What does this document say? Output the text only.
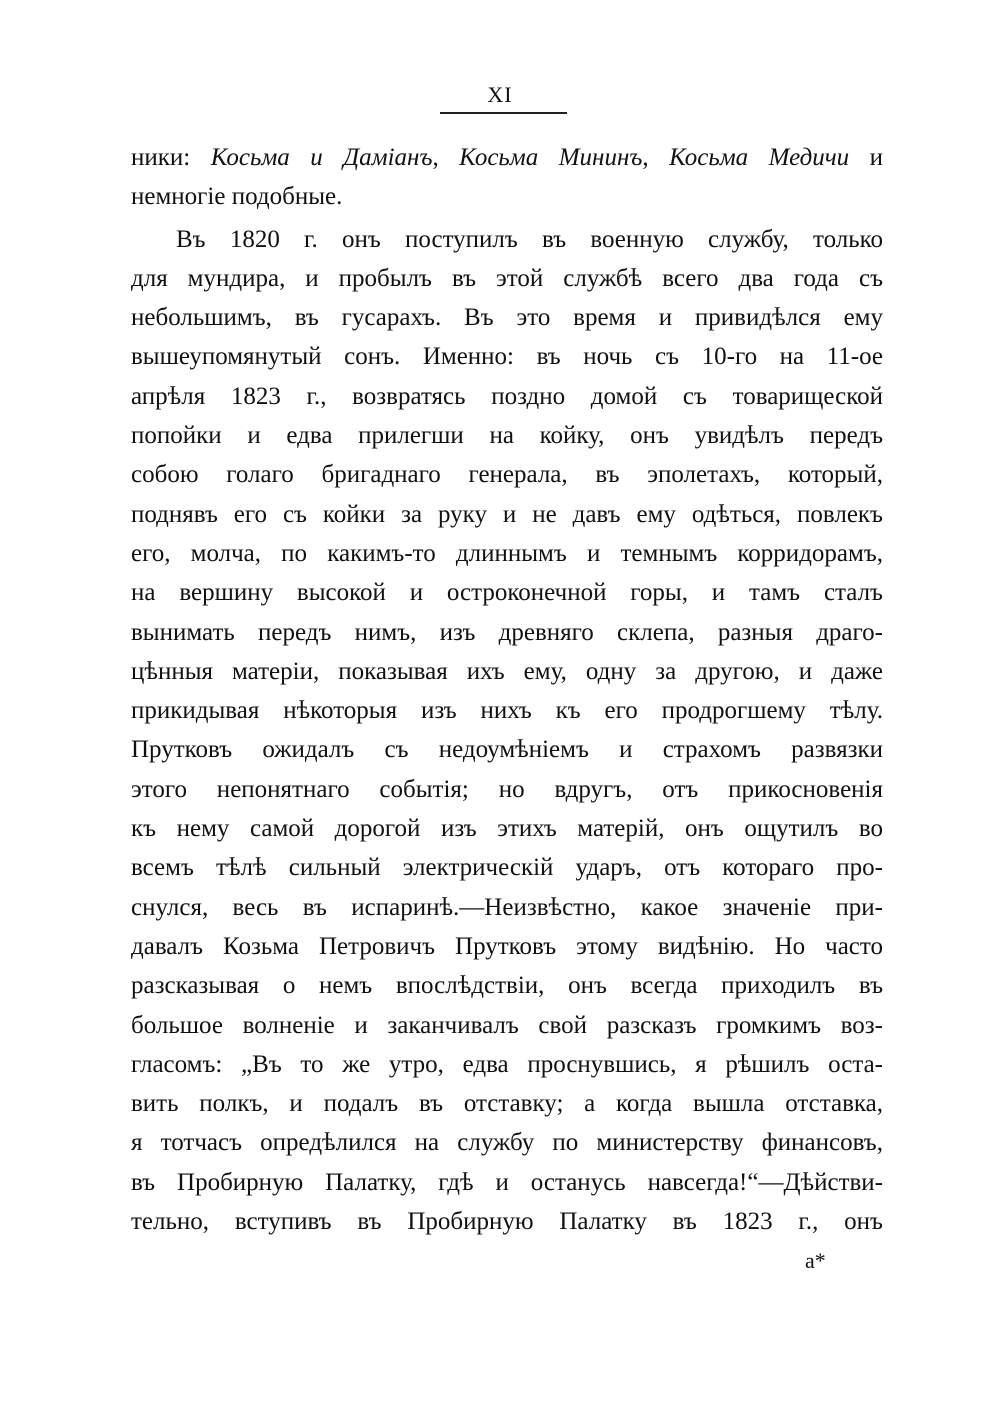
XI
ники: Косьма и Даміанъ, Косьма Мининъ, Косьма Медичи и
немногіе подобные.
Въ 1820 г. онъ поступилъ въ военную службу, только
для мундира, и пробылъ въ этой службѣ всего два года съ
небольшимъ, въ гусарахъ. Въ это время и привидѣлся ему
вышеупомянутый сонъ. Именно: въ ночь съ 10-го на 11-ое
апрѣля 1823 г., возвратясь поздно домой съ товарищеской
попойки и едва прилегши на койку, онъ увидѣлъ передъ
собою голаго бригаднаго генерала, въ эполетахъ, который,
поднявъ его съ койки за руку и не давъ ему одѣться, повлекъ
его, молча, по какимъ-то длиннымъ и темнымъ корридорамъ,
на вершину высокой и остроконечной горы, и тамъ сталъ
вынимать передъ нимъ, изъ древняго склепа, разныя драго-
цѣнныя матеріи, показывая ихъ ему, одну за другою, и даже
прикидывая нѣкоторыя изъ нихъ къ его продрогшему тѣлу.
Прутковъ ожидалъ съ недоумѣніемъ и страхомъ развязки
этого непонятнаго событія; но вдругъ, отъ прикосновенія
къ нему самой дорогой изъ этихъ матерій, онъ ощутилъ во
всемъ тѣлѣ сильный электрическій ударъ, отъ котораго про-
снулся, весь въ испаринѣ.—Неизвѣстно, какое значеніе при-
давалъ Козьма Петровичъ Прутковъ этому видѣнію. Но часто
разсказывая о немъ впослѣдствіи, онъ всегда приходилъ въ
большое волненіе и заканчивалъ свой разсказъ громкимъ воз-
гласомъ: „Въ то же утро, едва проснувшись, я рѣшилъ оста-
вить полкъ, и подалъ въ отставку; а когда вышла отставка,
я тотчасъ опредѣлился на службу по министерству финансовъ,
въ Пробирную Палатку, гдѣ и останусь навсегда!“—Дѣйстви-
тельно, вступивъ въ Пробирную Палатку въ 1823 г., онъ
а*
